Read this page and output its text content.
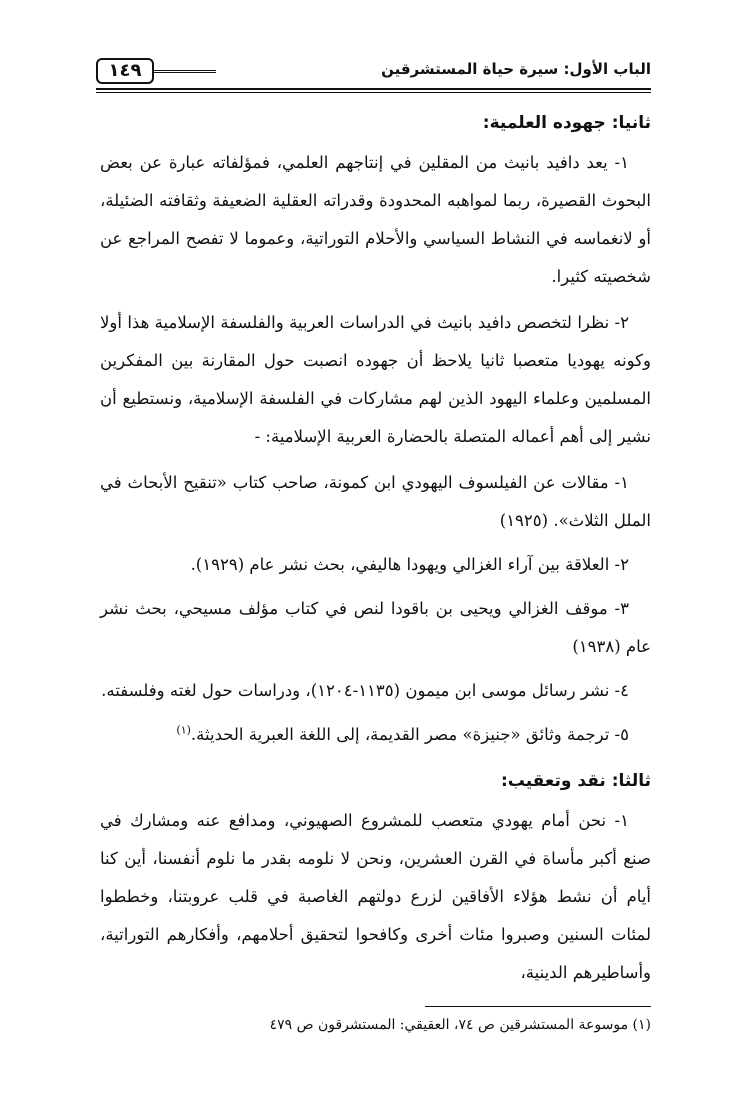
الباب الأول: سيرة حياة المستشرقين
١٤٩
ثانيا: جهوده العلمية:

١- يعد دافيد بانيث من المقلين في إنتاجهم العلمي، فمؤلفاته عبارة عن بعض البحوث القصيرة، ربما لمواهبه المحدودة وقدراته العقلية الضعيفة وثقافته الضئيلة، أو لانغماسه في النشاط السياسي والأحلام التوراتية، وعموما لا تفصح المراجع عن شخصيته كثيرا.

٢- نظرا لتخصص دافيد بانيث في الدراسات العربية والفلسفة الإسلامية هذا أولا وكونه يهوديا متعصبا ثانيا يلاحظ أن جهوده انصبت حول المقارنة بين المفكرين المسلمين وعلماء اليهود الذين لهم مشاركات في الفلسفة الإسلامية، ونستطيع أن نشير إلى أهم أعماله المتصلة بالحضارة العربية الإسلامية: -

١- مقالات عن الفيلسوف اليهودي ابن كمونة، صاحب كتاب «تنقيح الأبحاث في الملل الثلاث». (١٩٢٥)

٢- العلاقة بين آراء الغزالي ويهودا هاليفي، بحث نشر عام (١٩٢٩).

٣- موقف الغزالي ويحيى بن باقودا لنص في كتاب مؤلف مسيحي، بحث نشر عام (١٩٣٨)

٤- نشر رسائل موسى ابن ميمون (١١٣٥-١٢٠٤)، ودراسات حول لغته وفلسفته.

٥- ترجمة وثائق «جنيزة» مصر القديمة، إلى اللغة العبرية الحديثة.$^{(١)}$

ثالثا: نقد وتعقيب:

١- نحن أمام يهودي متعصب للمشروع الصهيوني، ومدافع عنه ومشارك في صنع أكبر مأساة في القرن العشرين، ونحن لا نلومه بقدر ما نلوم أنفسنا، أين كنا أيام أن نشط هؤلاء الأفاقين لزرع دولتهم الغاصبة في قلب عروبتنا، وخططوا لمئات السنين وصبروا مئات أخرى وكافحوا لتحقيق أحلامهم، وأفكارهم التوراتية، وأساطيرهم الدينية،

(١) موسوعة المستشرقين ص ٧٤، العقيقي: المستشرقون ص ٤٧٩
